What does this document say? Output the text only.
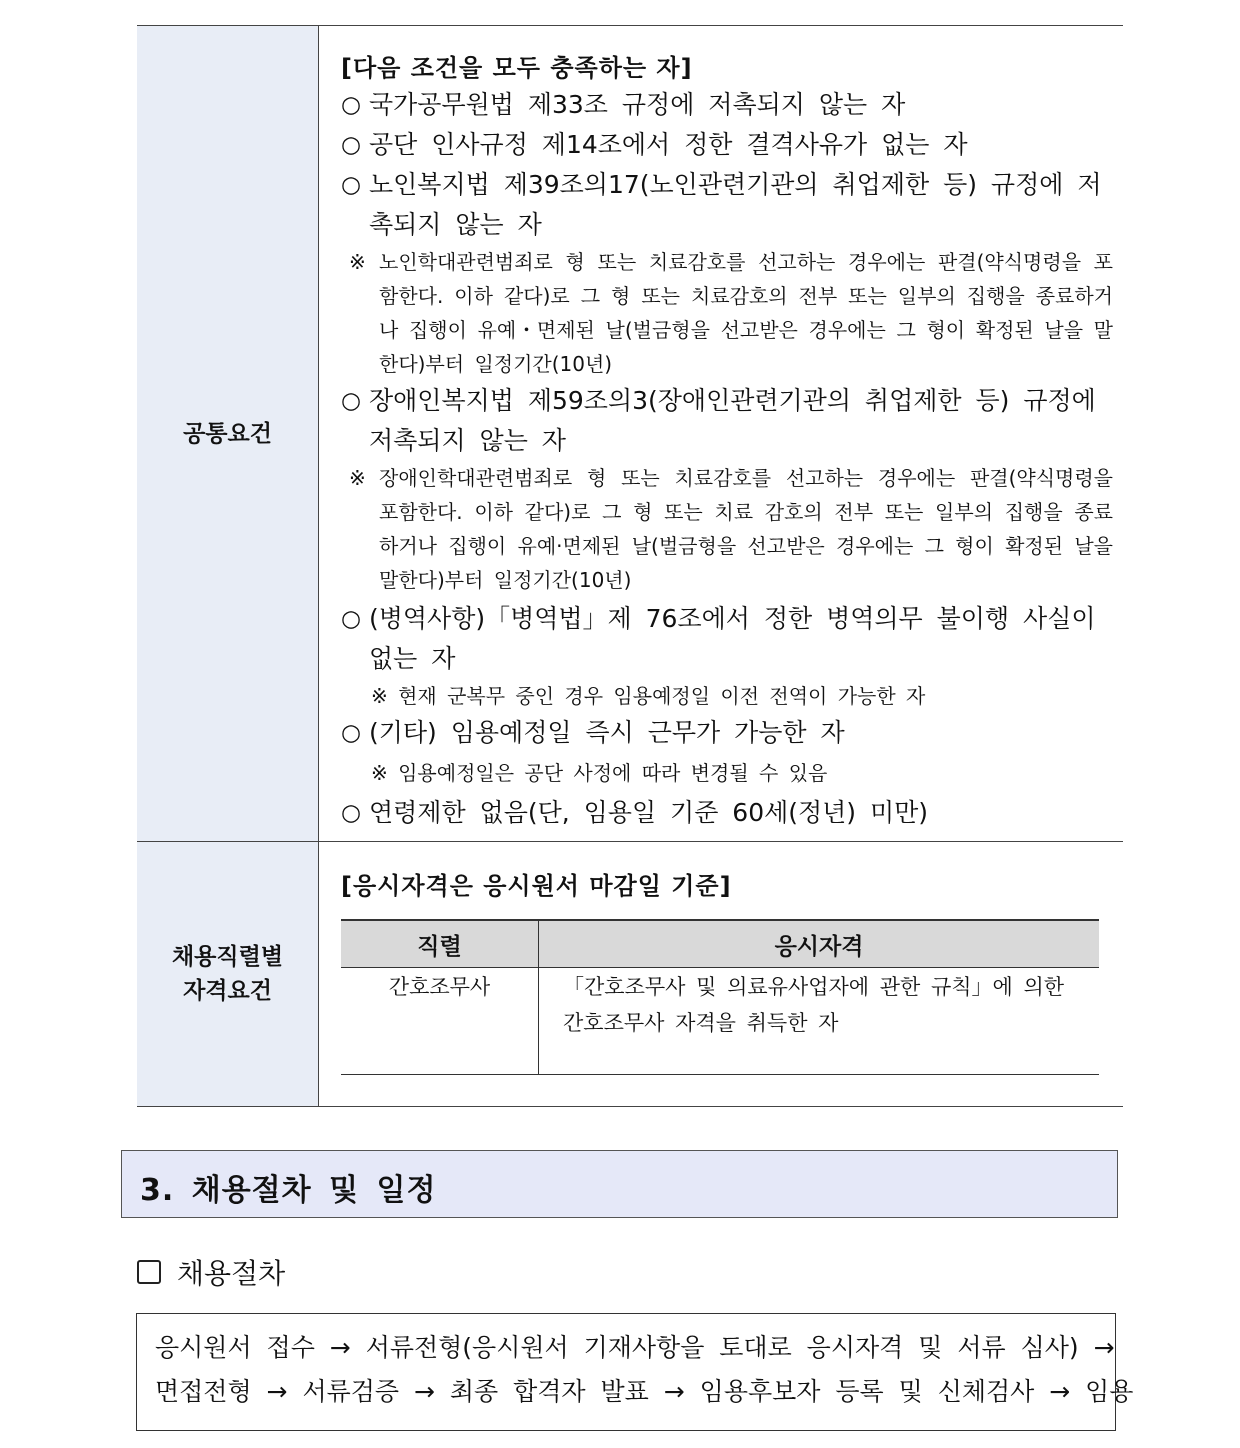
공통요건	

[다음 조건을 모두 충족하는 자]

○ 국가공무원법 제33조 규정에 저촉되지 않는 자
○ 공단 인사규정 제14조에서 정한 결격사유가 없는 자
○ 노인복지법 제39조의17(노인관련기관의 취업제한 등) 규정에 저촉되지 않는 자
※ 노인학대관련범죄로 형 또는 치료감호를 선고하는 경우에는 판결(약식명령을 포함한다. 이하 같다)로 그 형 또는 치료감호의 전부 또는 일부의 집행을 종료하거나 집행이 유예・면제된 날(벌금형을 선고받은 경우에는 그 형이 확정된 날을 말한다)부터 일정기간(10년)
○ 장애인복지법 제59조의3(장애인관련기관의 취업제한 등) 규정에 저촉되지 않는 자
※ 장애인학대관련범죄로 형 또는 치료감호를 선고하는 경우에는 판결(약식명령을 포함한다. 이하 같다)로 그 형 또는 치료 감호의 전부 또는 일부의 집행을 종료하거나 집행이 유예·면제된 날(벌금형을 선고받은 경우에는 그 형이 확정된 날을 말한다)부터 일정기간(10년)
○ (병역사항)「병역법」제 76조에서 정한 병역의무 불이행 사실이 없는 자
※ 현재 군복무 중인 경우 임용예정일 이전 전역이 가능한 자
○ (기타) 임용예정일 즉시 근무가 가능한 자
※ 임용예정일은 공단 사정에 따라 변경될 수 있음
○ 연령제한 없음(단, 임용일 기준 60세(정년) 미만)

채용직렬별
자격요건

[응시자격은 응시원서 마감일 기준]

직렬	응시자격
간호조무사	「간호조무사 및 의료유사업자에 관한 규칙」에 의한
간호조무사 자격을 취득한 자
3. 채용절차 및 일정
채용절차
응시원서 접수 → 서류전형(응시원서 기재사항을 토대로 응시자격 및 서류 심사) →
면접전형 → 서류검증 → 최종 합격자 발표 → 임용후보자 등록 및 신체검사 → 임용
